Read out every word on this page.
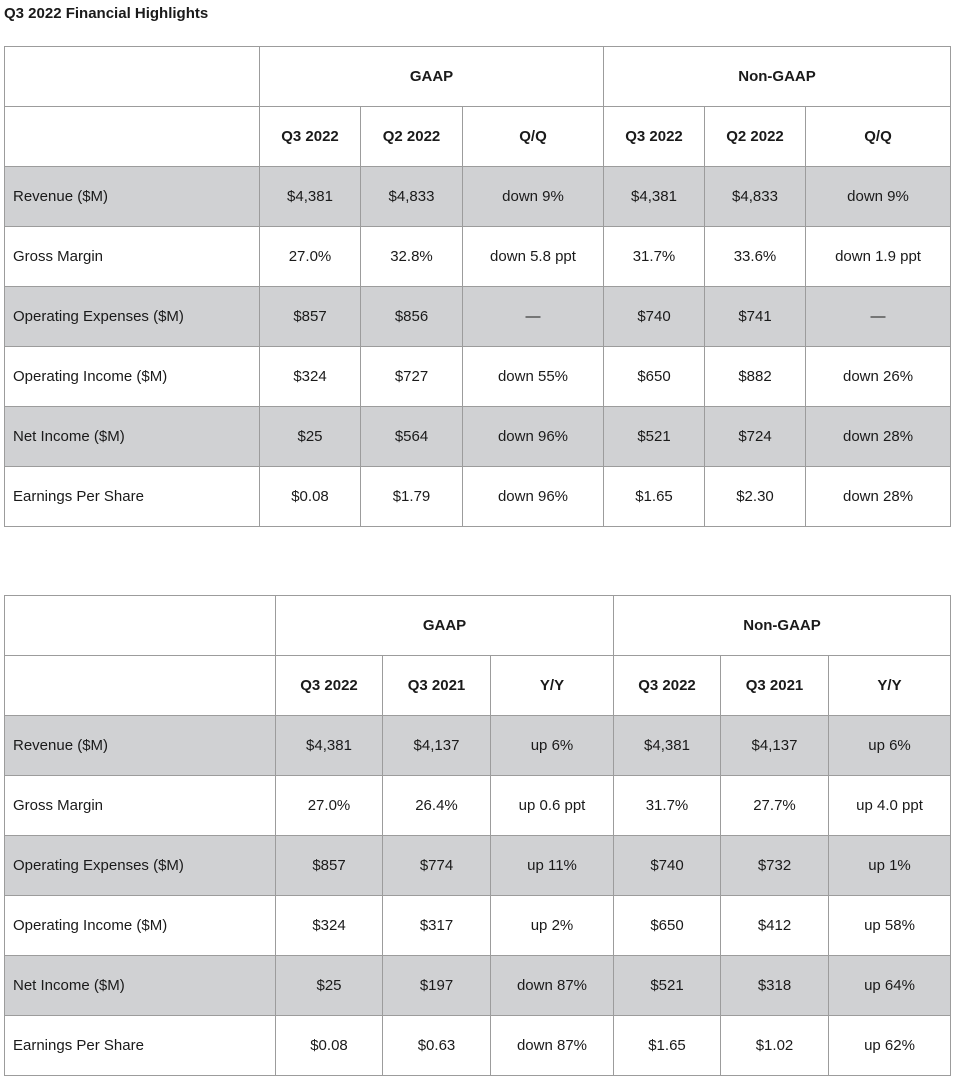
Q3 2022 Financial Highlights
	GAAP			Non-GAAP		
	Q3 2022	Q2 2022	Q/Q	Q3 2022	Q2 2022	Q/Q
Revenue ($M)	$4,381	$4,833	down 9%	$4,381	$4,833	down 9%
Gross Margin	27.0%	32.8%	down 5.8 ppt	31.7%	33.6%	down 1.9 ppt
Operating Expenses ($M)	$857	$856	—	$740	$741	—
Operating Income ($M)	$324	$727	down 55%	$650	$882	down 26%
Net Income ($M)	$25	$564	down 96%	$521	$724	down 28%
Earnings Per Share	$0.08	$1.79	down 96%	$1.65	$2.30	down 28%
	GAAP			Non-GAAP		
	Q3 2022	Q3 2021	Y/Y	Q3 2022	Q3 2021	Y/Y
Revenue ($M)	$4,381	$4,137	up 6%	$4,381	$4,137	up 6%
Gross Margin	27.0%	26.4%	up 0.6 ppt	31.7%	27.7%	up 4.0 ppt
Operating Expenses ($M)	$857	$774	up 11%	$740	$732	up 1%
Operating Income ($M)	$324	$317	up 2%	$650	$412	up 58%
Net Income ($M)	$25	$197	down 87%	$521	$318	up 64%
Earnings Per Share	$0.08	$0.63	down 87%	$1.65	$1.02	up 62%
